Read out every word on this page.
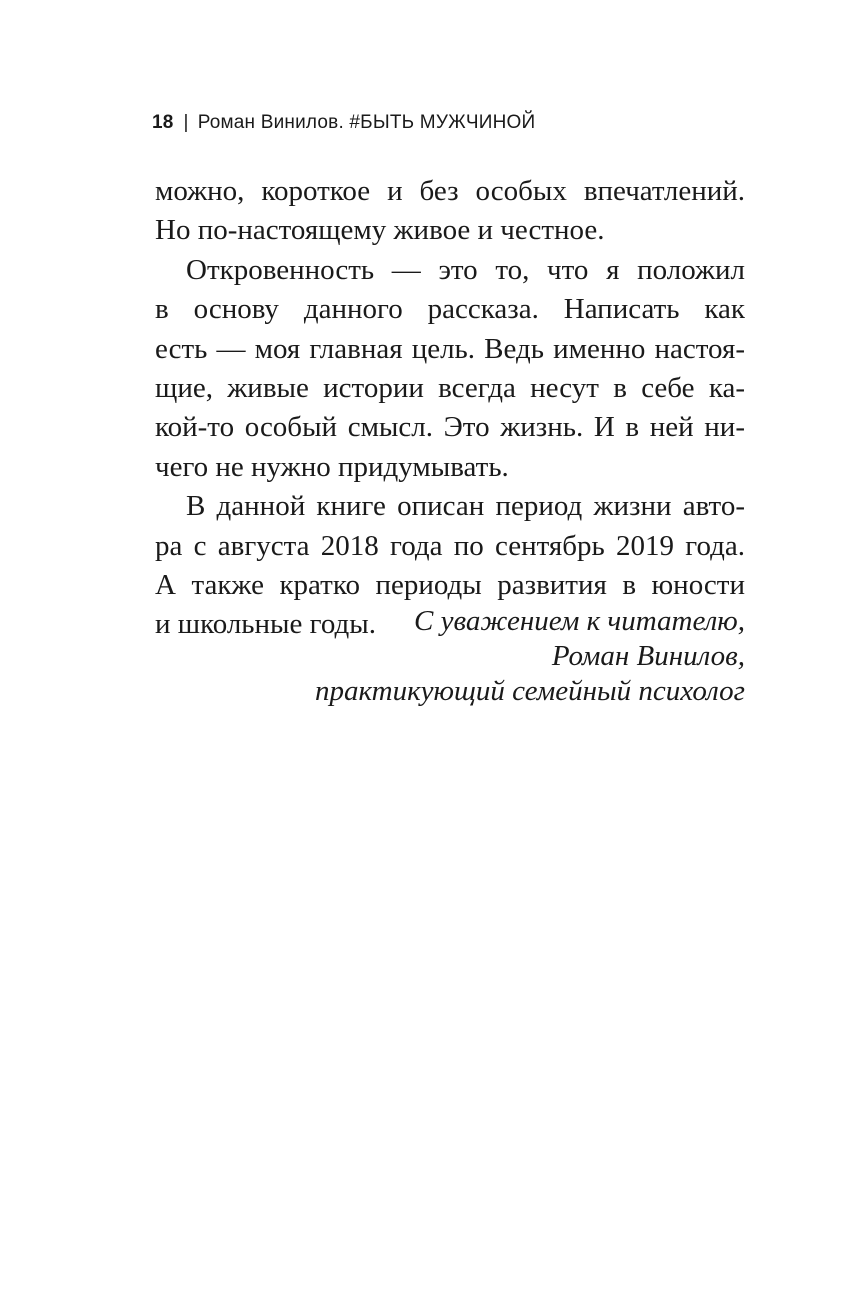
18 | Роман Винилов. #БЫТЬ МУЖЧИНОЙ
можно, короткое и без особых впечатлений.
Но по-настоящему живое и честное.
Откровенность — это то, что я положил
в основу данного рассказа. Написать как
есть — моя главная цель. Ведь именно настоя-
щие, живые истории всегда несут в себе ка-
кой-то особый смысл. Это жизнь. И в ней ни-
чего не нужно придумывать.
В данной книге описан период жизни авто-
ра с августа 2018 года по сентябрь 2019 года.
А также кратко периоды развития в юности
и школьные годы.	С уважением к читателю,
Роман Винилов,
практикующий семейный психолог
